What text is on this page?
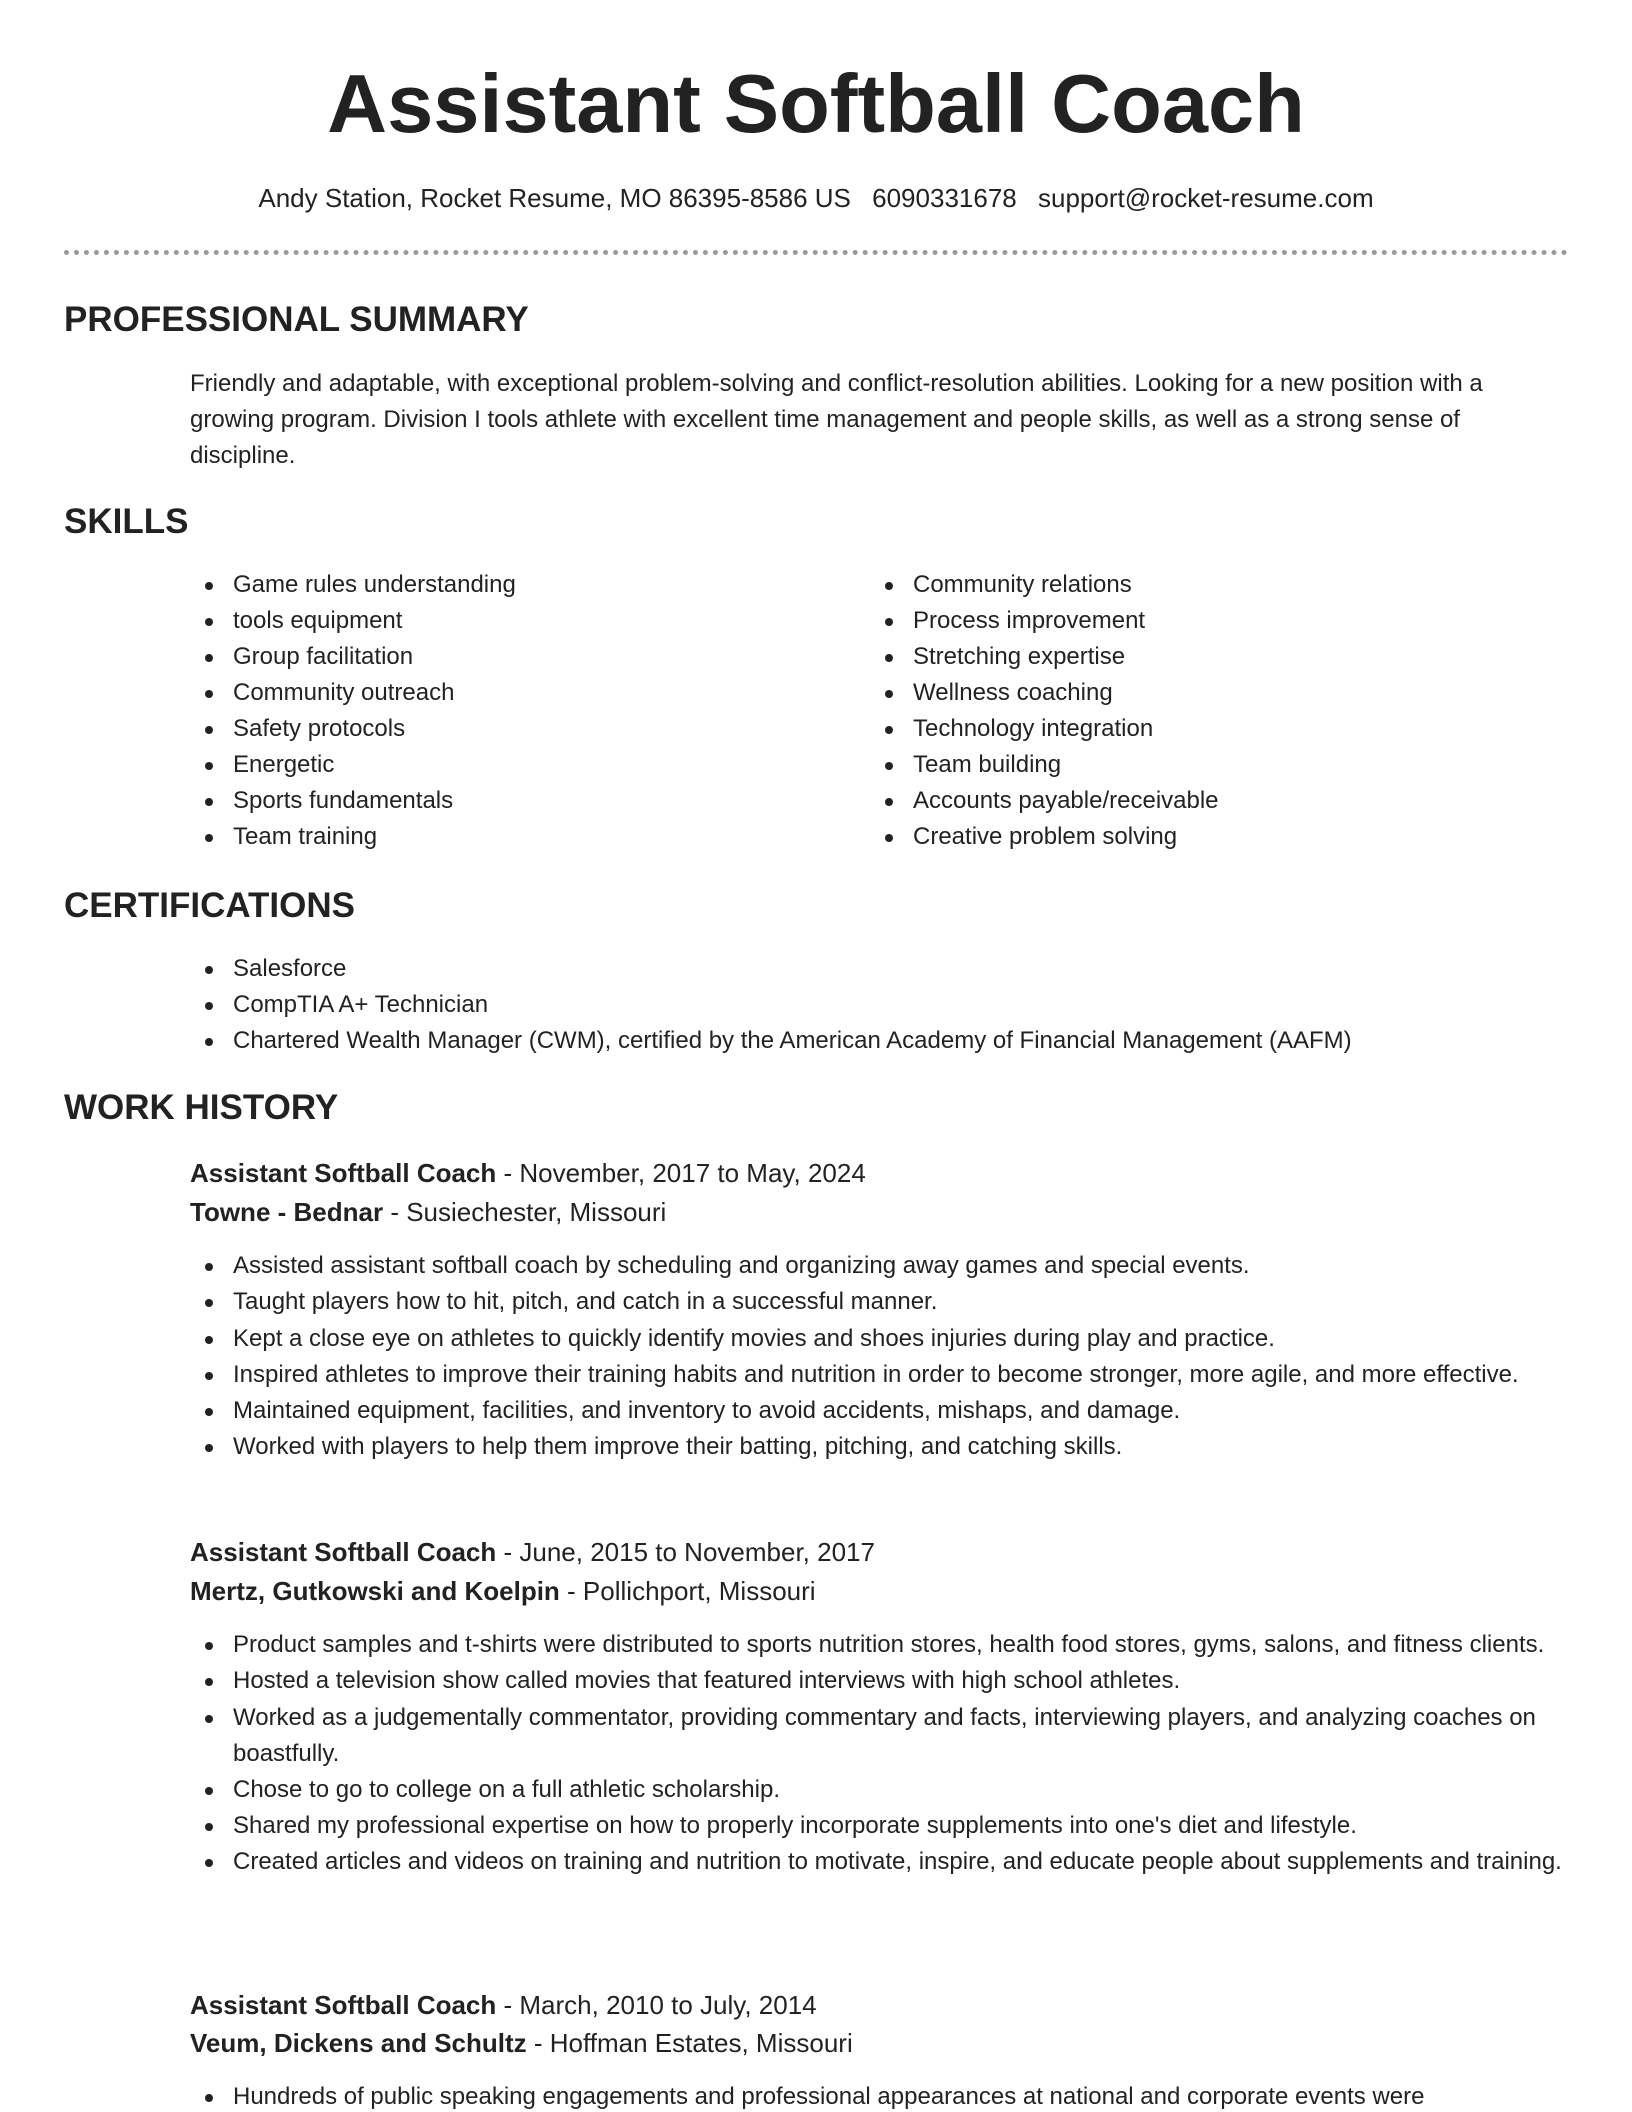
Assistant Softball Coach
Andy Station, Rocket Resume, MO 86395-8586 US 6090331678 support@rocket-resume.com
PROFESSIONAL SUMMARY
Friendly and adaptable, with exceptional problem-solving and conflict-resolution abilities. Looking for a new position with a growing program. Division I tools athlete with excellent time management and people skills, as well as a strong sense of discipline.
SKILLS
Game rules understanding
tools equipment
Group facilitation
Community outreach
Safety protocols
Energetic
Sports fundamentals
Team training
Community relations
Process improvement
Stretching expertise
Wellness coaching
Technology integration
Team building
Accounts payable/receivable
Creative problem solving
CERTIFICATIONS
Salesforce
CompTIA A+ Technician
Chartered Wealth Manager (CWM), certified by the American Academy of Financial Management (AAFM)
WORK HISTORY
Assistant Softball Coach - November, 2017 to May, 2024
Towne - Bednar - Susiechester, Missouri
Assisted assistant softball coach by scheduling and organizing away games and special events.
Taught players how to hit, pitch, and catch in a successful manner.
Kept a close eye on athletes to quickly identify movies and shoes injuries during play and practice.
Inspired athletes to improve their training habits and nutrition in order to become stronger, more agile, and more effective.
Maintained equipment, facilities, and inventory to avoid accidents, mishaps, and damage.
Worked with players to help them improve their batting, pitching, and catching skills.
Assistant Softball Coach - June, 2015 to November, 2017
Mertz, Gutkowski and Koelpin - Pollichport, Missouri
Product samples and t-shirts were distributed to sports nutrition stores, health food stores, gyms, salons, and fitness clients.
Hosted a television show called movies that featured interviews with high school athletes.
Worked as a judgementally commentator, providing commentary and facts, interviewing players, and analyzing coaches on boastfully.
Chose to go to college on a full athletic scholarship.
Shared my professional expertise on how to properly incorporate supplements into one's diet and lifestyle.
Created articles and videos on training and nutrition to motivate, inspire, and educate people about supplements and training.
Assistant Softball Coach - March, 2010 to July, 2014
Veum, Dickens and Schultz - Hoffman Estates, Missouri
Hundreds of public speaking engagements and professional appearances at national and corporate events were
